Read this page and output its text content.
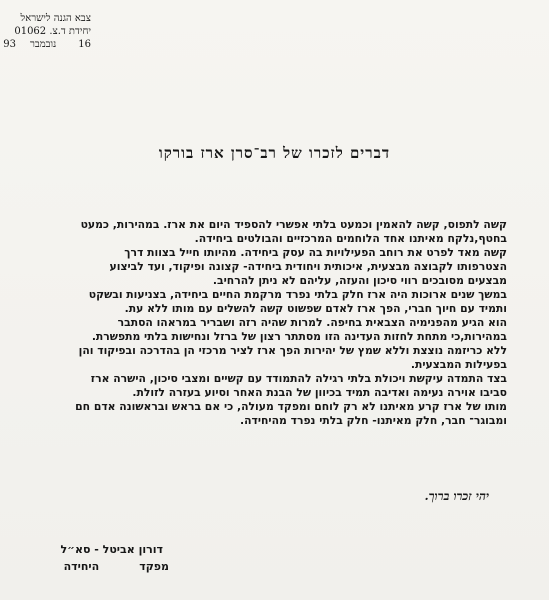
צבא הגנה לישראל
יחידת ד.צ. 01062
16נובמבר93
דברים לזכרו של רב־סרן ארז בורקו
קשה לתפוס, קשה להאמין וכמעט בלתי אפשרי להספיד היום את ארז. במהירות, כמעט
בחטף,נלקח מאיתנו אחד הלוחמים המרכזיים והבולטים ביחידה.
קשה מאד לפרט את רוחב הפעילויות בה עסק ביחידה. מהיותו חייל בצוות דרך
הצטרפותו לקבוצה מבצעית, איכותית ויחודית ביחידה- קצונה ופיקוד, ועד לביצוע
מבצעים מסובכים רווי סיכון והעזה, עליהם לא ניתן להרחיב.
במשך שנים ארוכות היה ארז חלק בלתי נפרד מרקמת החיים ביחידה, בצניעות ובשקט
ותמיד עם חיוך חברי, הפך ארז לאדם שפשוט קשה להשלים עם מותו ללא עת.
הוא הגיע מהפנימיה הצבאית בחיפה. למרות שהיה רזה ושבריר במראהו הסתבר
במהירות,כי מתחת לחזות העדינה הזו מסתתר רצון של ברזל ונחישות בלתי מתפשרת.
ללא כריזמה נוצצת וללא שמץ של יהירות הפך ארז לציר מרכזי הן בהדרכה ובפיקוד והן
בפעילות המבצעית.
בצד התמדה עיקשת ויכולת בלתי רגילה להתמודד עם קשיים ומצבי סיכון, הישרה ארז
סביבו אוירה נעימה ואדיבה תמיד בכיוון של הבנת האחר וסיוע בעזרה לזולת.
מותו של ארז קרע מאיתנו לא רק לוחם ומפקד מעולה, כי אם בראש ובראשונה אדם חם
ומבוגר־ חבר, חלק מאיתנו- חלק בלתי נפרד מהיחידה.
יהי זכרו ברוך.
דורון אביטל - סא״ל
מפקדהיחידה
